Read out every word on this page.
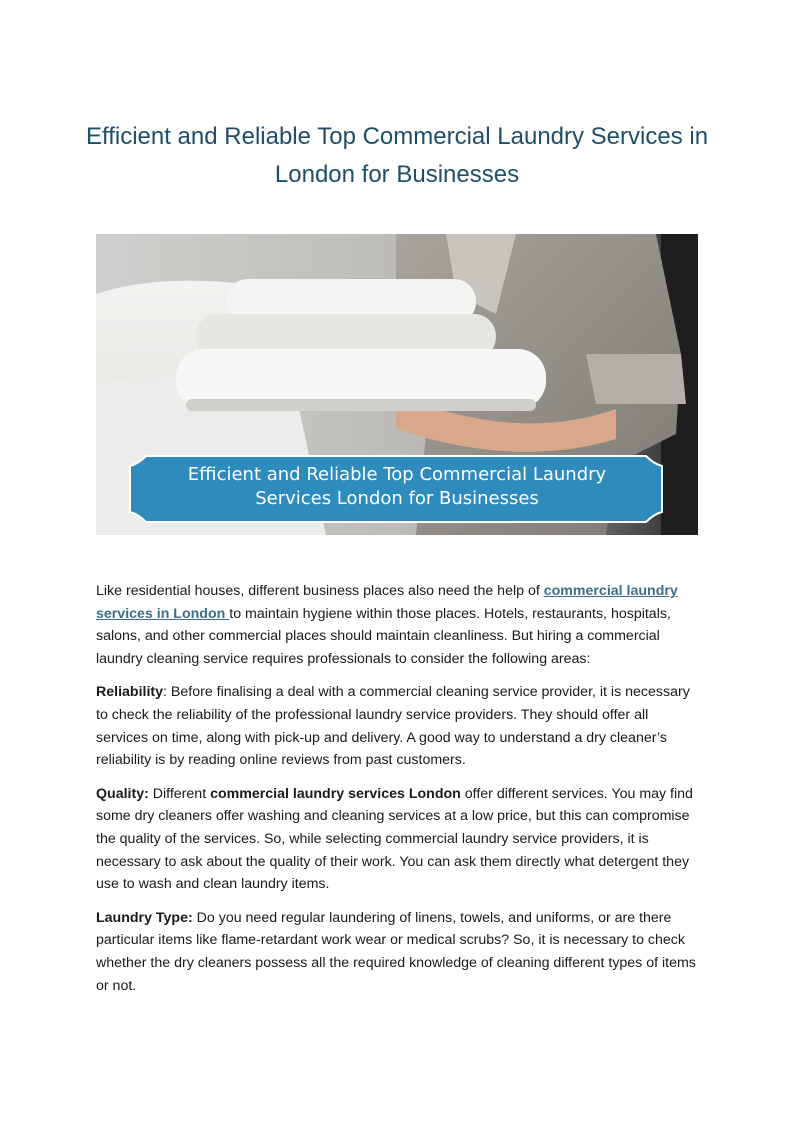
Efficient and Reliable Top Commercial Laundry Services in London for Businesses
Efficient and Reliable Top Commercial Laundry Services London for Businesses

Like residential houses, different business places also need the help of commercial laundry services in London to maintain hygiene within those places. Hotels, restaurants, hospitals, salons, and other commercial places should maintain cleanliness. But hiring a commercial laundry cleaning service requires professionals to consider the following areas:

Reliability: Before finalising a deal with a commercial cleaning service provider, it is necessary to check the reliability of the professional laundry service providers. They should offer all services on time, along with pick-up and delivery. A good way to understand a dry cleaner’s reliability is by reading online reviews from past customers.

Quality: Different commercial laundry services London offer different services. You may find some dry cleaners offer washing and cleaning services at a low price, but this can compromise the quality of the services. So, while selecting commercial laundry service providers, it is necessary to ask about the quality of their work. You can ask them directly what detergent they use to wash and clean laundry items.

Laundry Type: Do you need regular laundering of linens, towels, and uniforms, or are there particular items like flame-retardant work wear or medical scrubs? So, it is necessary to check whether the dry cleaners possess all the required knowledge of cleaning different types of items or not.
